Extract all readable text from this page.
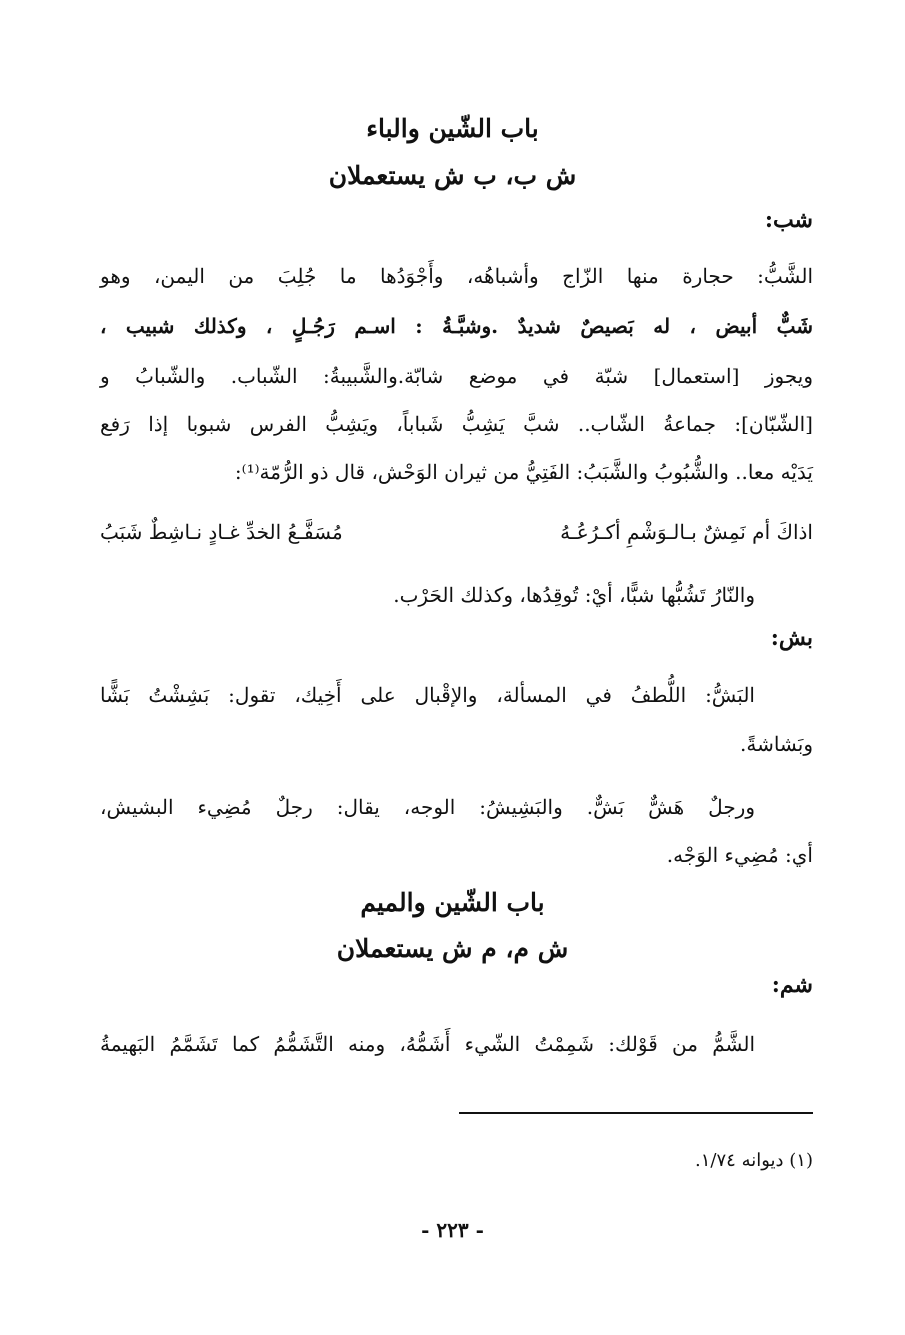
باب الشّين والباء
ش ب، ب ش يستعملان
شب:
الشَّبُّ: حجارة منها الزّاج وأشباهُه، وأَجْوَدُها ما جُلِبَ من اليمن، وهو
شَبٌّ أبيض ، له بَصيصٌ شديدٌ .وشبَّـةُ : اسـم رَجُـلٍ ، وكذلك شبيب ،
ويجوز [استعمال] شبّة في موضع شابّة.والشَّبيبةُ: الشّباب. والشّبابُ و
[الشّبّان]: جماعةُ الشّاب.. شبَّ يَشِبُّ شَباباً، ويَشِبُّ الفرس شبوبا إذا رَفع
يَدَيْه معا.. والشُّبُوبُ والشَّبَبُ: الفَتِيُّ من ثيران الوَحْش، قال ذو الرُّمّة⁽¹⁾:
اذاكَ أم نَمِشٌ بـالـوَشْمِ أكـرُعُـهُ
مُسَفَّـعُ الخدِّ غـادٍ نـاشِطٌ شَبَبُ
والنّارُ تَشُبُّها شبًّا، أيْ: تُوقِدُها، وكذلك الحَرْب.
بش:
البَشُّ: اللُّطفُ في المسألة، والإقْبال على أَخِيك، تقول: بَشِشْتُ بَشًّا
وبَشاشةً.
ورجلٌ هَشٌّ بَشٌّ. والبَشِيشُ: الوجه، يقال: رجلٌ مُضِيء البشيش،
أي: مُضِيء الوَجْه.
باب الشّين والميم
ش م، م ش يستعملان
شم:
الشَّمُّ من قَوْلك: شَمِمْتُ الشّيء أَشَمُّهُ، ومنه التَّشَمُّمُ كما تَشَمَّمُ البَهيمةُ
(١) ديوانه ١/٧٤.
- ٢٢٣ -
